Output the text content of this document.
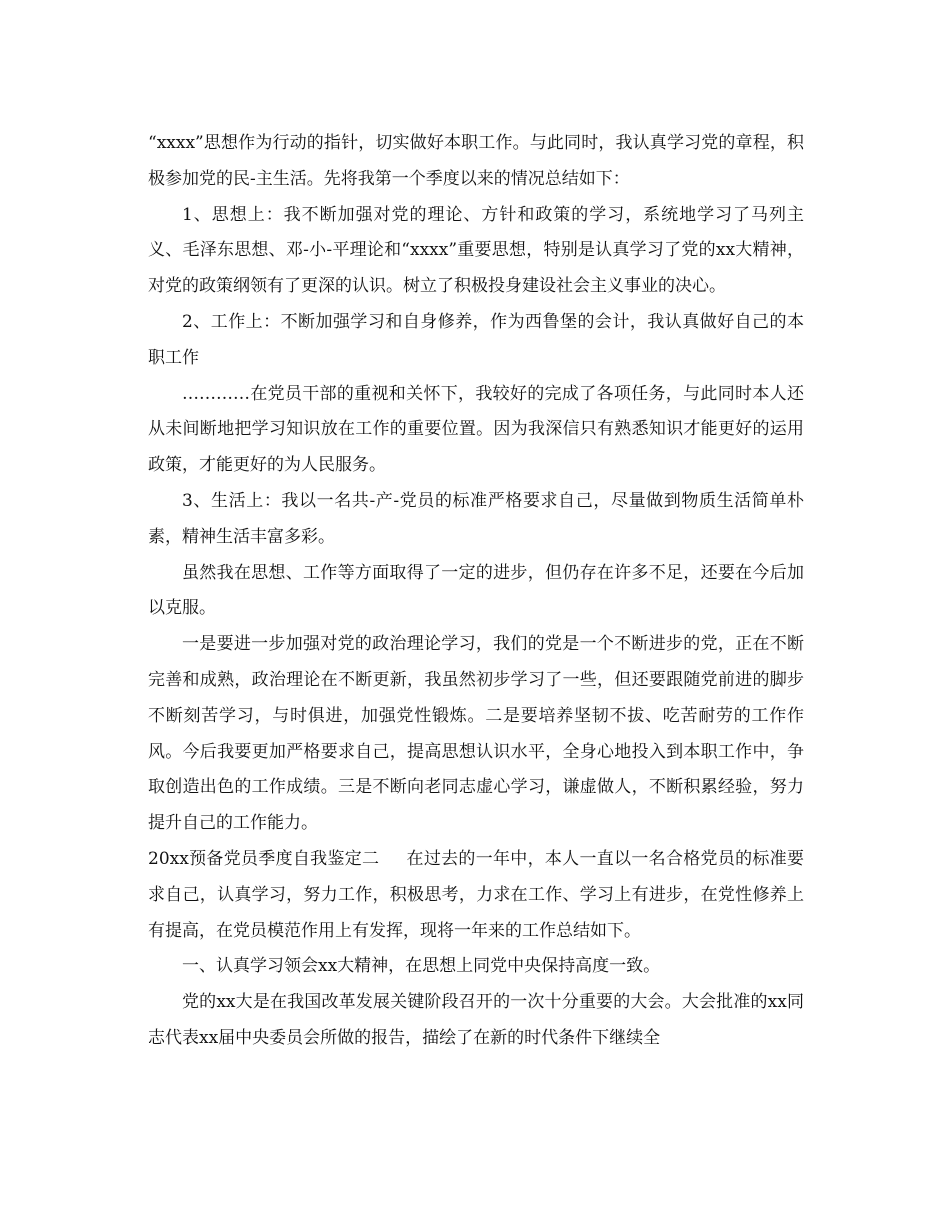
“xxxx”思想作为行动的指针，切实做好本职工作。与此同时，我认真学习党的章程，积极参加党的民-主生活。先将我第一个季度以来的情况总结如下：

1、思想上：我不断加强对党的理论、方针和政策的学习，系统地学习了马列主义、毛泽东思想、邓-小-平理论和“xxxx”重要思想，特别是认真学习了党的xx大精神，对党的政策纲领有了更深的认识。树立了积极投身建设社会主义事业的决心。

2、工作上：不断加强学习和自身修养，作为西鲁堡的会计，我认真做好自己的本职工作

…………在党员干部的重视和关怀下，我较好的完成了各项任务，与此同时本人还从未间断地把学习知识放在工作的重要位置。因为我深信只有熟悉知识才能更好的运用政策，才能更好的为人民服务。

3、生活上：我以一名共-产-党员的标准严格要求自己，尽量做到物质生活简单朴素，精神生活丰富多彩。

虽然我在思想、工作等方面取得了一定的进步，但仍存在许多不足，还要在今后加以克服。

一是要进一步加强对党的政治理论学习，我们的党是一个不断进步的党，正在不断完善和成熟，政治理论在不断更新，我虽然初步学习了一些，但还要跟随党前进的脚步不断刻苦学习，与时俱进，加强党性锻炼。二是要培养坚韧不拔、吃苦耐劳的工作作风。今后我要更加严格要求自己，提高思想认识水平，全身心地投入到本职工作中，争取创造出色的工作成绩。三是不断向老同志虚心学习，谦虚做人，不断积累经验，努力提升自己的工作能力。

20xx预备党员季度自我鉴定二 在过去的一年中，本人一直以一名合格党员的标准要求自己，认真学习，努力工作，积极思考，力求在工作、学习上有进步，在党性修养上有提高，在党员模范作用上有发挥，现将一年来的工作总结如下。

一、认真学习领会xx大精神，在思想上同党中央保持高度一致。

党的xx大是在我国改革发展关键阶段召开的一次十分重要的大会。大会批准的xx同志代表xx届中央委员会所做的报告，描绘了在新的时代条件下继续全
